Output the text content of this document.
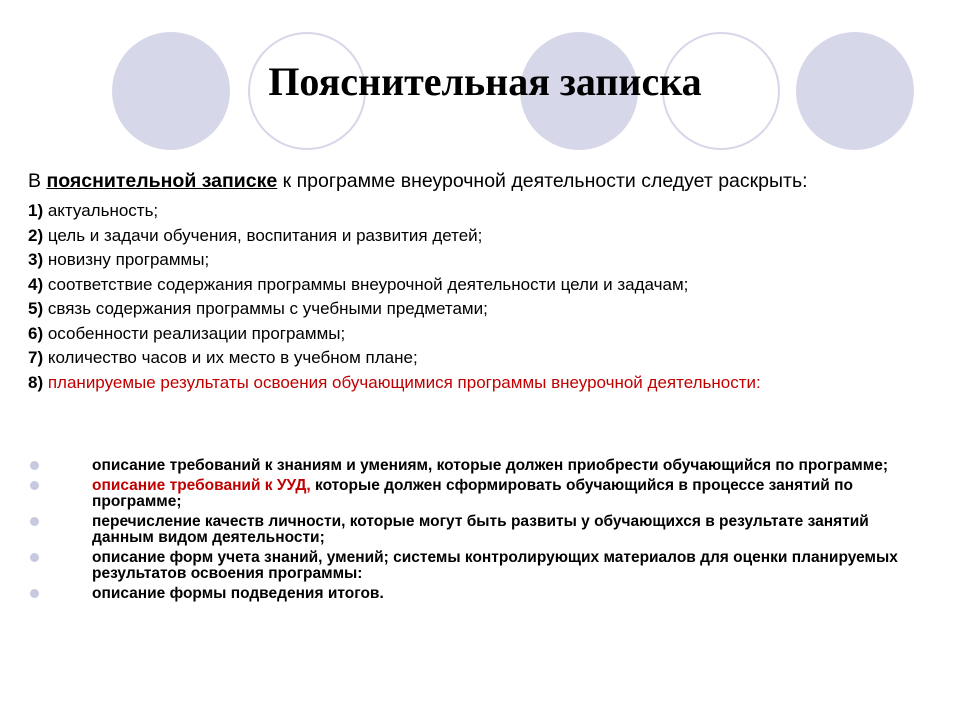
Пояснительная записка

В пояснительной записке к программе внеурочной деятельности следует раскрыть:

1) актуальность;
2) цель и задачи обучения, воспитания и развития детей;
3) новизну программы;
4) соответствие содержания программы внеурочной деятельности цели и задачам;
5) связь содержания программы с учебными предметами;
6) особенности реализации программы;
7) количество часов и их место в учебном плане;
8) планируемые результаты освоения обучающимися программы внеурочной деятельности:
описание требований к знаниям и умениям, которые должен приобрести обучающийся по программе;
описание требований к УУД, которые должен сформировать обучающийся в процессе занятий по программе;
перечисление качеств личности, которые могут быть развиты у обучающихся в результате занятий данным видом деятельности;
описание форм учета знаний, умений; системы контролирующих материалов для оценки планируемых результатов освоения программы:
описание формы подведения итогов.
